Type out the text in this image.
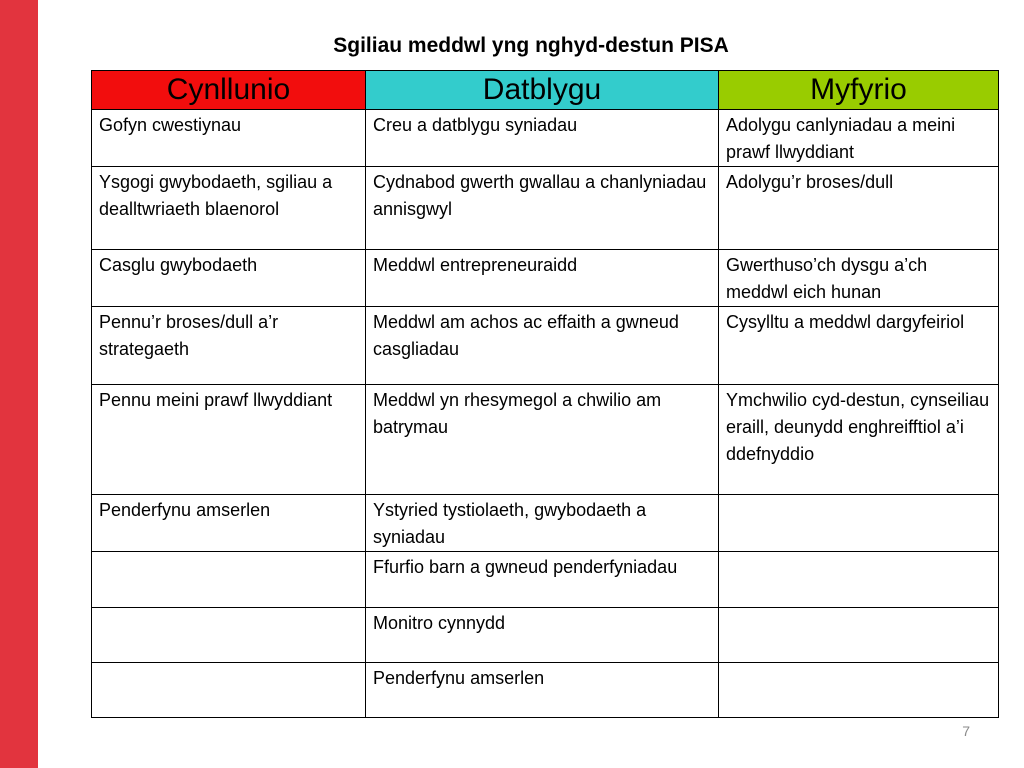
Sgiliau meddwl yng nghyd-destun PISA
Cynllunio	Datblygu	Myfyrio
Gofyn cwestiynau	Creu a datblygu syniadau	Adolygu canlyniadau a meini prawf llwyddiant
Ysgogi gwybodaeth, sgiliau a dealltwriaeth blaenorol	Cydnabod gwerth gwallau a chanlyniadau annisgwyl	Adolygu’r broses/dull
Casglu gwybodaeth	Meddwl entrepreneuraidd	Gwerthuso’ch dysgu a’ch meddwl eich hunan
Pennu’r broses/dull a’r strategaeth	Meddwl am achos ac effaith a gwneud casgliadau	Cysylltu a meddwl dargyfeiriol
Pennu meini prawf llwyddiant	Meddwl yn rhesymegol a chwilio am batrymau	Ymchwilio cyd-destun, cynseiliau eraill, deunydd enghreifftiol a’i ddefnyddio
Penderfynu amserlen	Ystyried tystiolaeth, gwybodaeth a syniadau	
	Ffurfio barn a gwneud penderfyniadau	
	Monitro cynnydd	
	Penderfynu amserlen	
7
